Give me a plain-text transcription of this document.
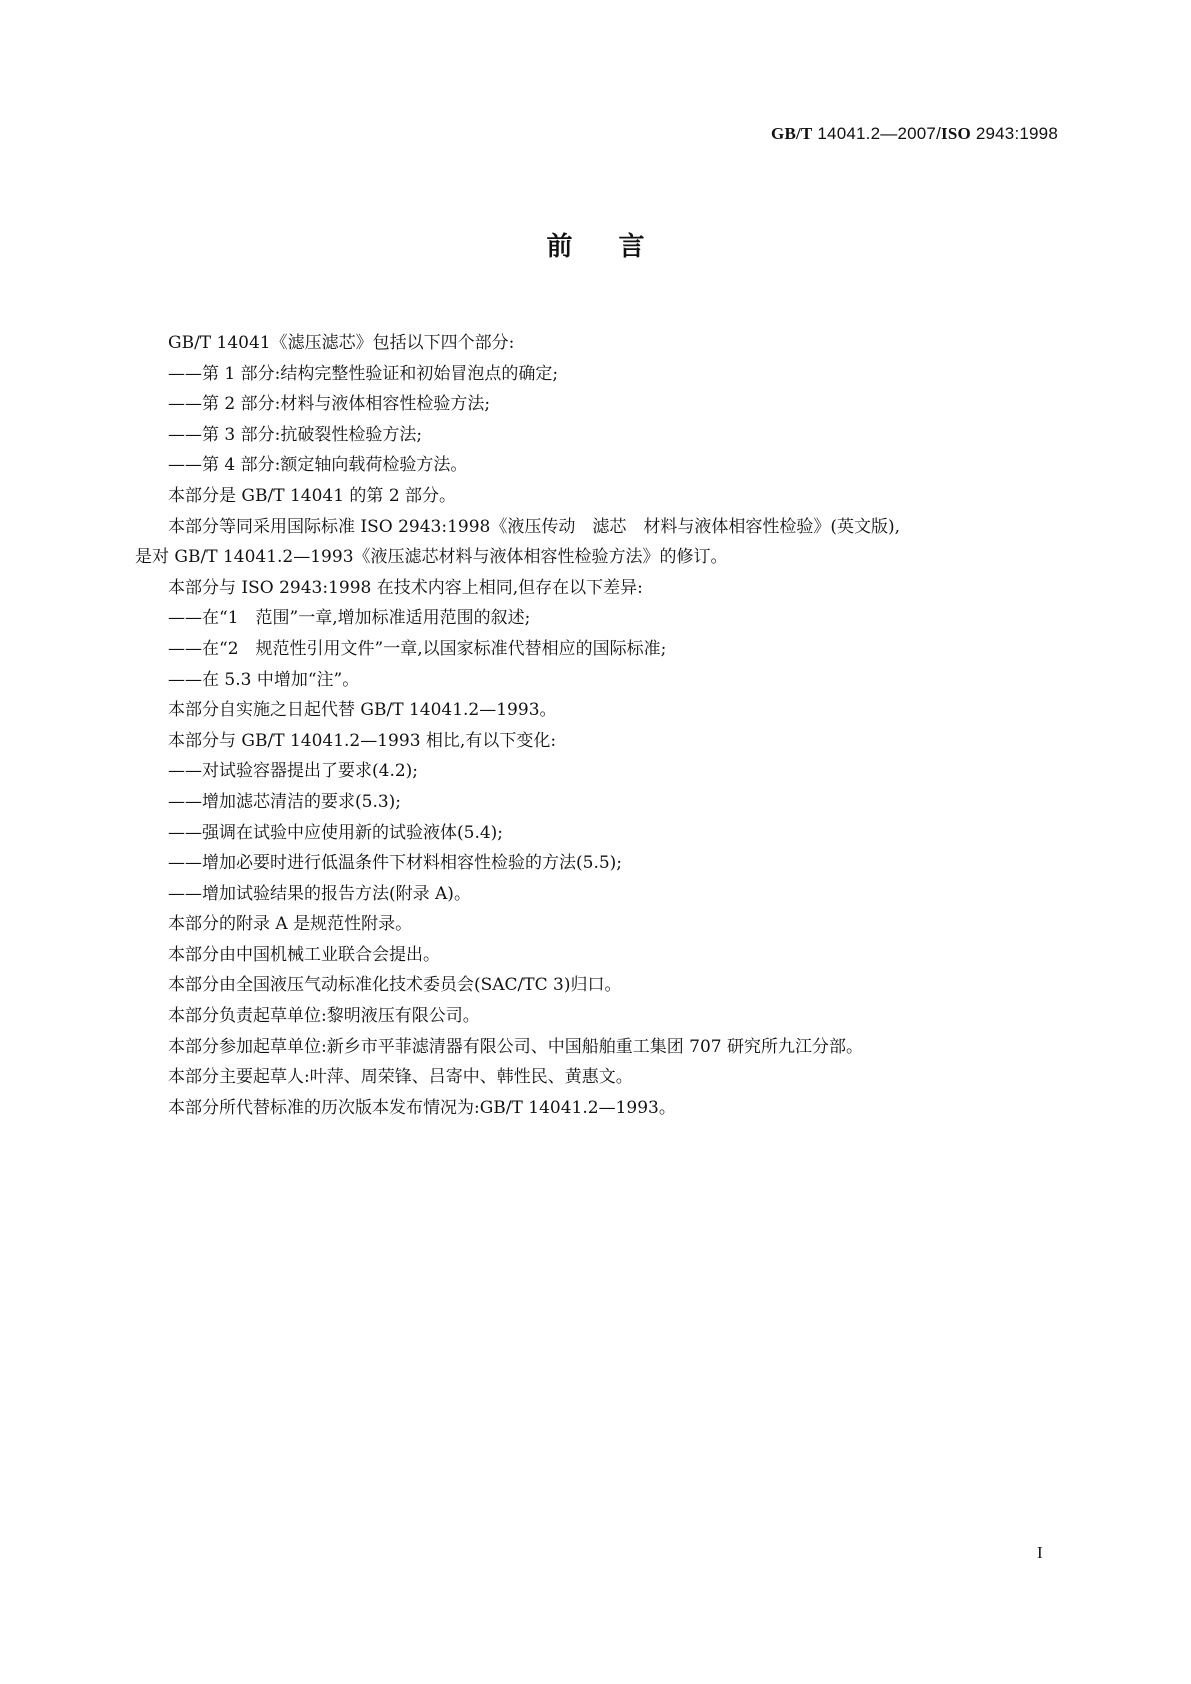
GB/T 14041.2—2007/ISO 2943:1998
前言
GB/T 14041《滤压滤芯》包括以下四个部分:
——第 1 部分:结构完整性验证和初始冒泡点的确定;
——第 2 部分:材料与液体相容性检验方法;
——第 3 部分:抗破裂性检验方法;
——第 4 部分:额定轴向载荷检验方法。
本部分是 GB/T 14041 的第 2 部分。
本部分等同采用国际标准 ISO 2943:1998《液压传动　滤芯　材料与液体相容性检验》(英文版),
是对 GB/T 14041.2—1993《液压滤芯材料与液体相容性检验方法》的修订。
本部分与 ISO 2943:1998 在技术内容上相同,但存在以下差异:
——在“1　范围”一章,增加标准适用范围的叙述;
——在“2　规范性引用文件”一章,以国家标准代替相应的国际标准;
——在 5.3 中增加“注”。
本部分自实施之日起代替 GB/T 14041.2—1993。
本部分与 GB/T 14041.2—1993 相比,有以下变化:
——对试验容器提出了要求(4.2);
——增加滤芯清洁的要求(5.3);
——强调在试验中应使用新的试验液体(5.4);
——增加必要时进行低温条件下材料相容性检验的方法(5.5);
——增加试验结果的报告方法(附录 A)。
本部分的附录 A 是规范性附录。
本部分由中国机械工业联合会提出。
本部分由全国液压气动标准化技术委员会(SAC/TC 3)归口。
本部分负责起草单位:黎明液压有限公司。
本部分参加起草单位:新乡市平菲滤清器有限公司、中国船舶重工集团 707 研究所九江分部。
本部分主要起草人:叶萍、周荣锋、吕寄中、韩性民、黄惠文。
本部分所代替标准的历次版本发布情况为:GB/T 14041.2—1993。
I
